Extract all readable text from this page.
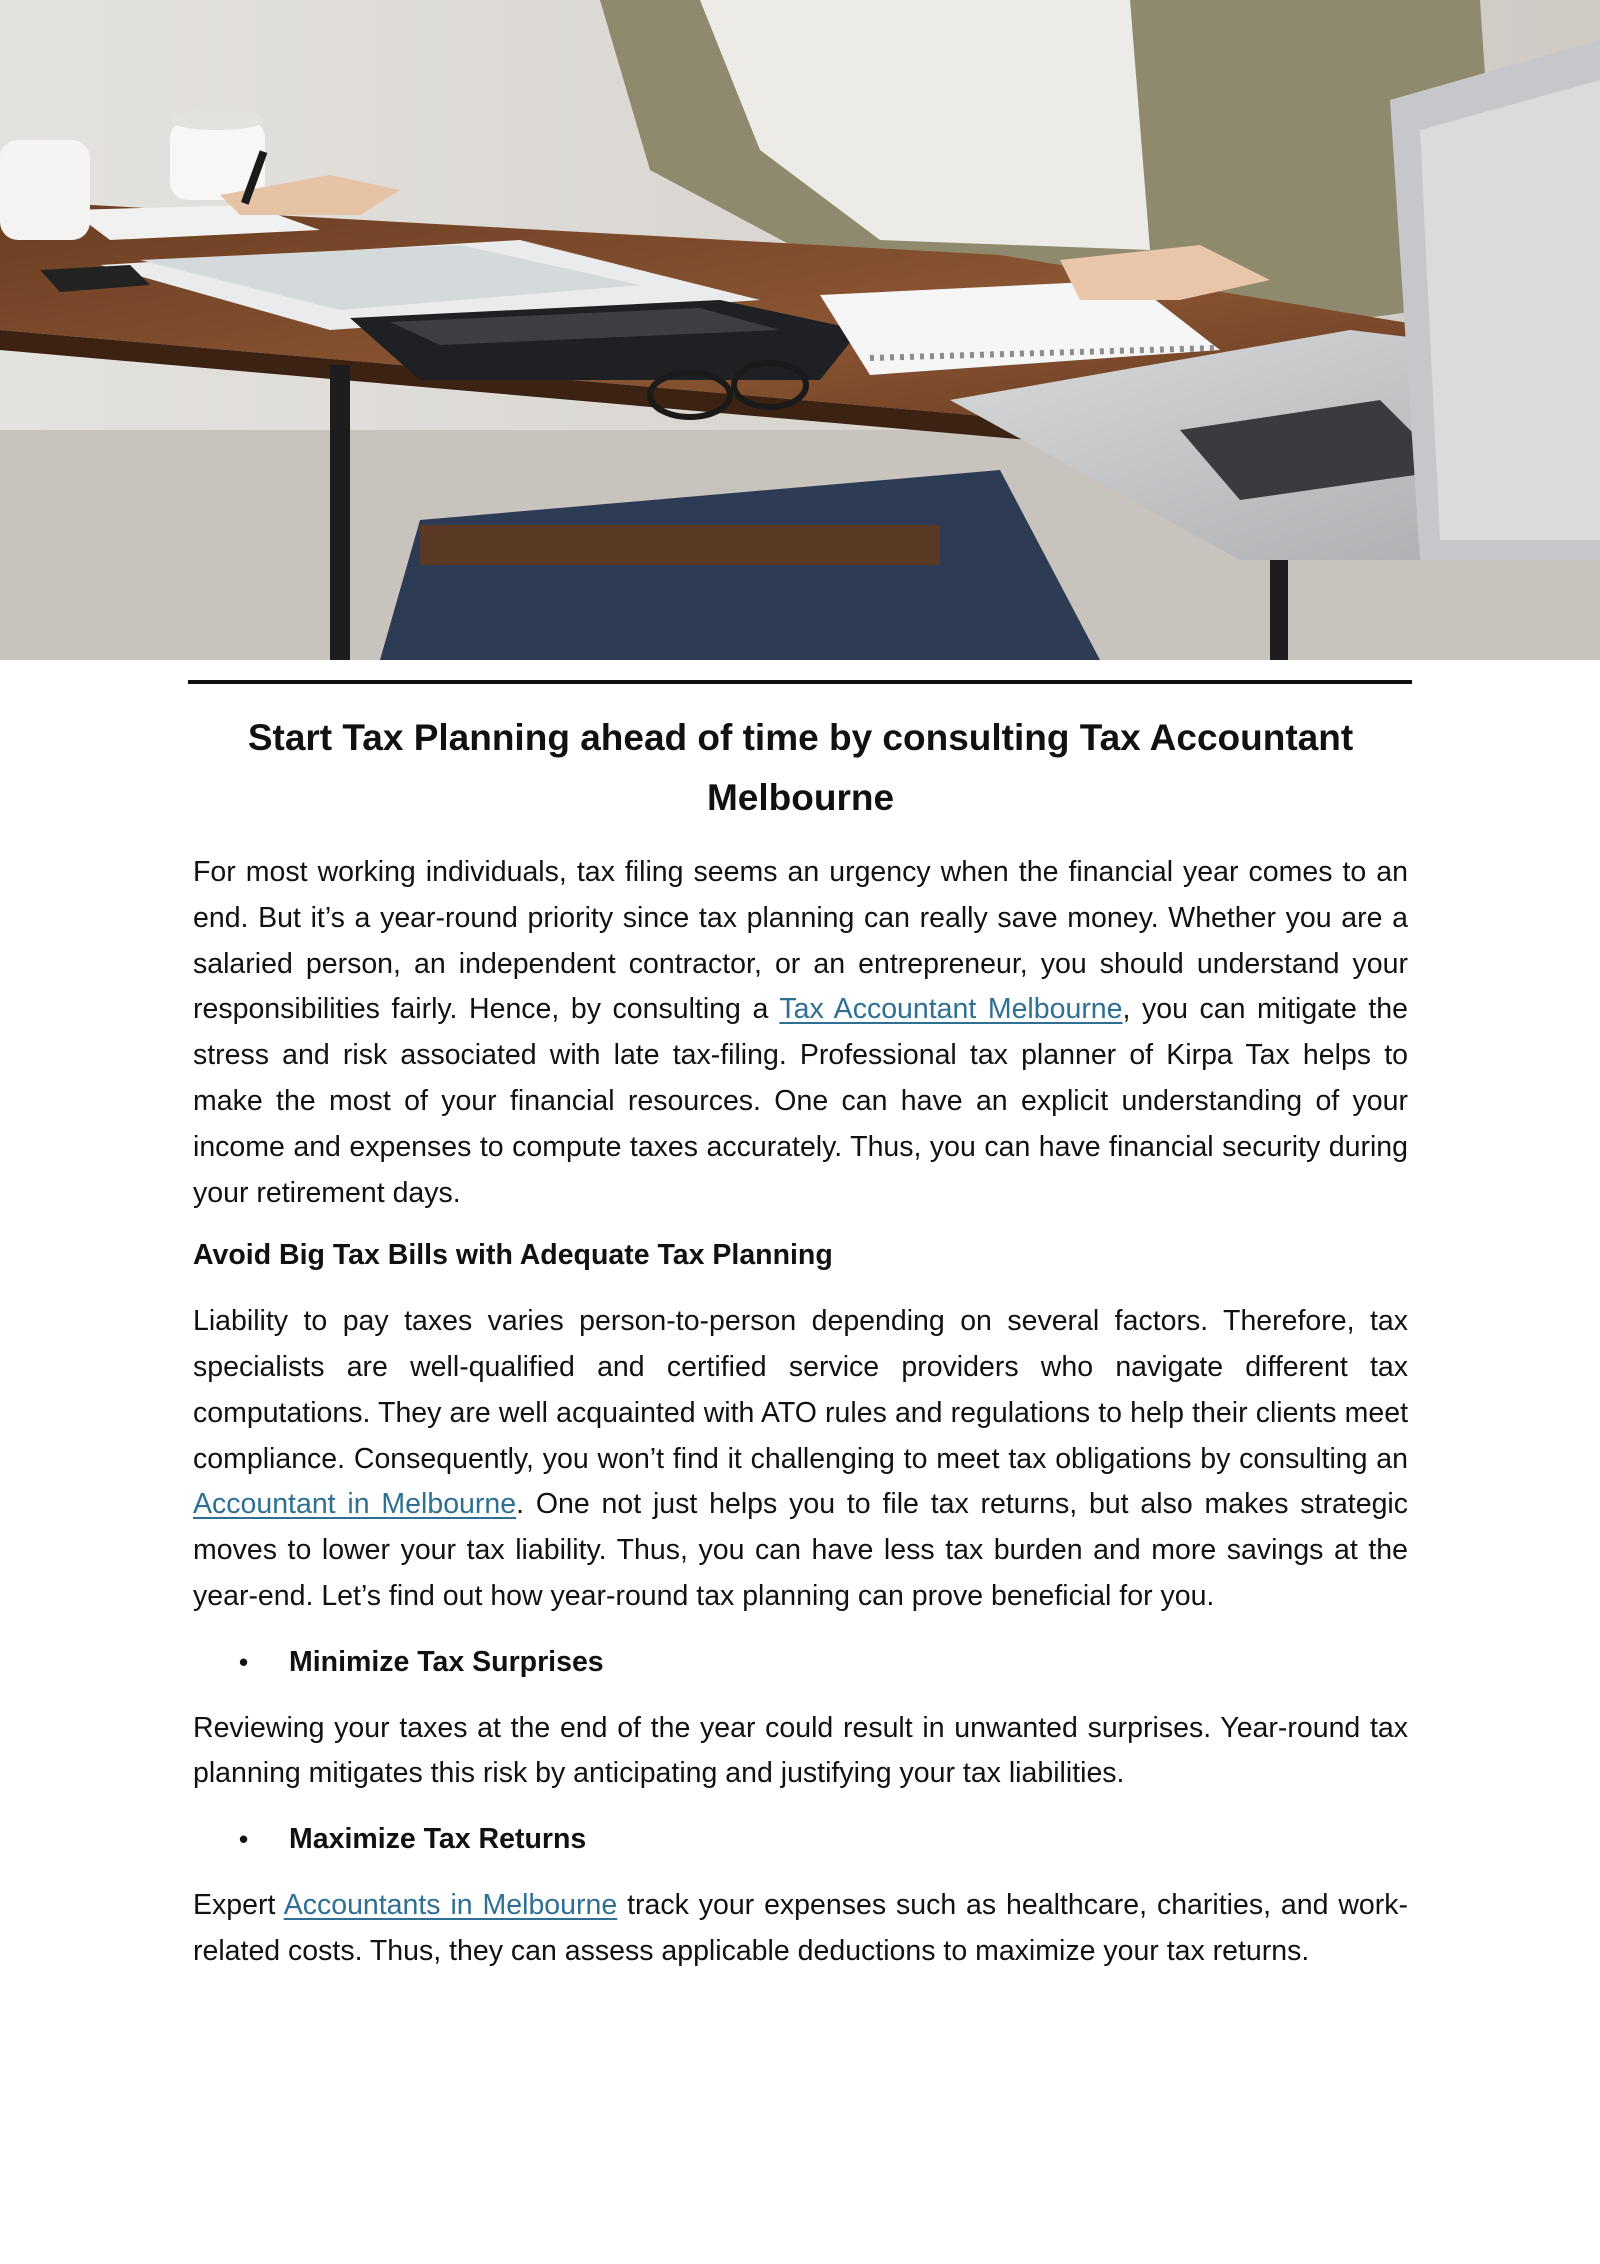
Start Tax Planning ahead of time by consulting Tax Accountant Melbourne

For most working individuals, tax filing seems an urgency when the financial year comes to an end. But it’s a year-round priority since tax planning can really save money. Whether you are a salaried person, an independent contractor, or an entrepreneur, you should understand your responsibilities fairly. Hence, by consulting a Tax Accountant Melbourne, you can mitigate the stress and risk associated with late tax-filing. Professional tax planner of Kirpa Tax helps to make the most of your financial resources. One can have an explicit understanding of your income and expenses to compute taxes accurately. Thus, you can have financial security during your retirement days.

Avoid Big Tax Bills with Adequate Tax Planning

Liability to pay taxes varies person-to-person depending on several factors. Therefore, tax specialists are well-qualified and certified service providers who navigate different tax computations. They are well acquainted with ATO rules and regulations to help their clients meet compliance. Consequently, you won’t find it challenging to meet tax obligations by consulting an Accountant in Melbourne. One not just helps you to file tax returns, but also makes strategic moves to lower your tax liability. Thus, you can have less tax burden and more savings at the year-end. Let’s find out how year-round tax planning can prove beneficial for you.

•	Minimize Tax Surprises

Reviewing your taxes at the end of the year could result in unwanted surprises. Year-round tax planning mitigates this risk by anticipating and justifying your tax liabilities.

•	Maximize Tax Returns

Expert Accountants in Melbourne track your expenses such as healthcare, charities, and work-related costs. Thus, they can assess applicable deductions to maximize your tax returns.
